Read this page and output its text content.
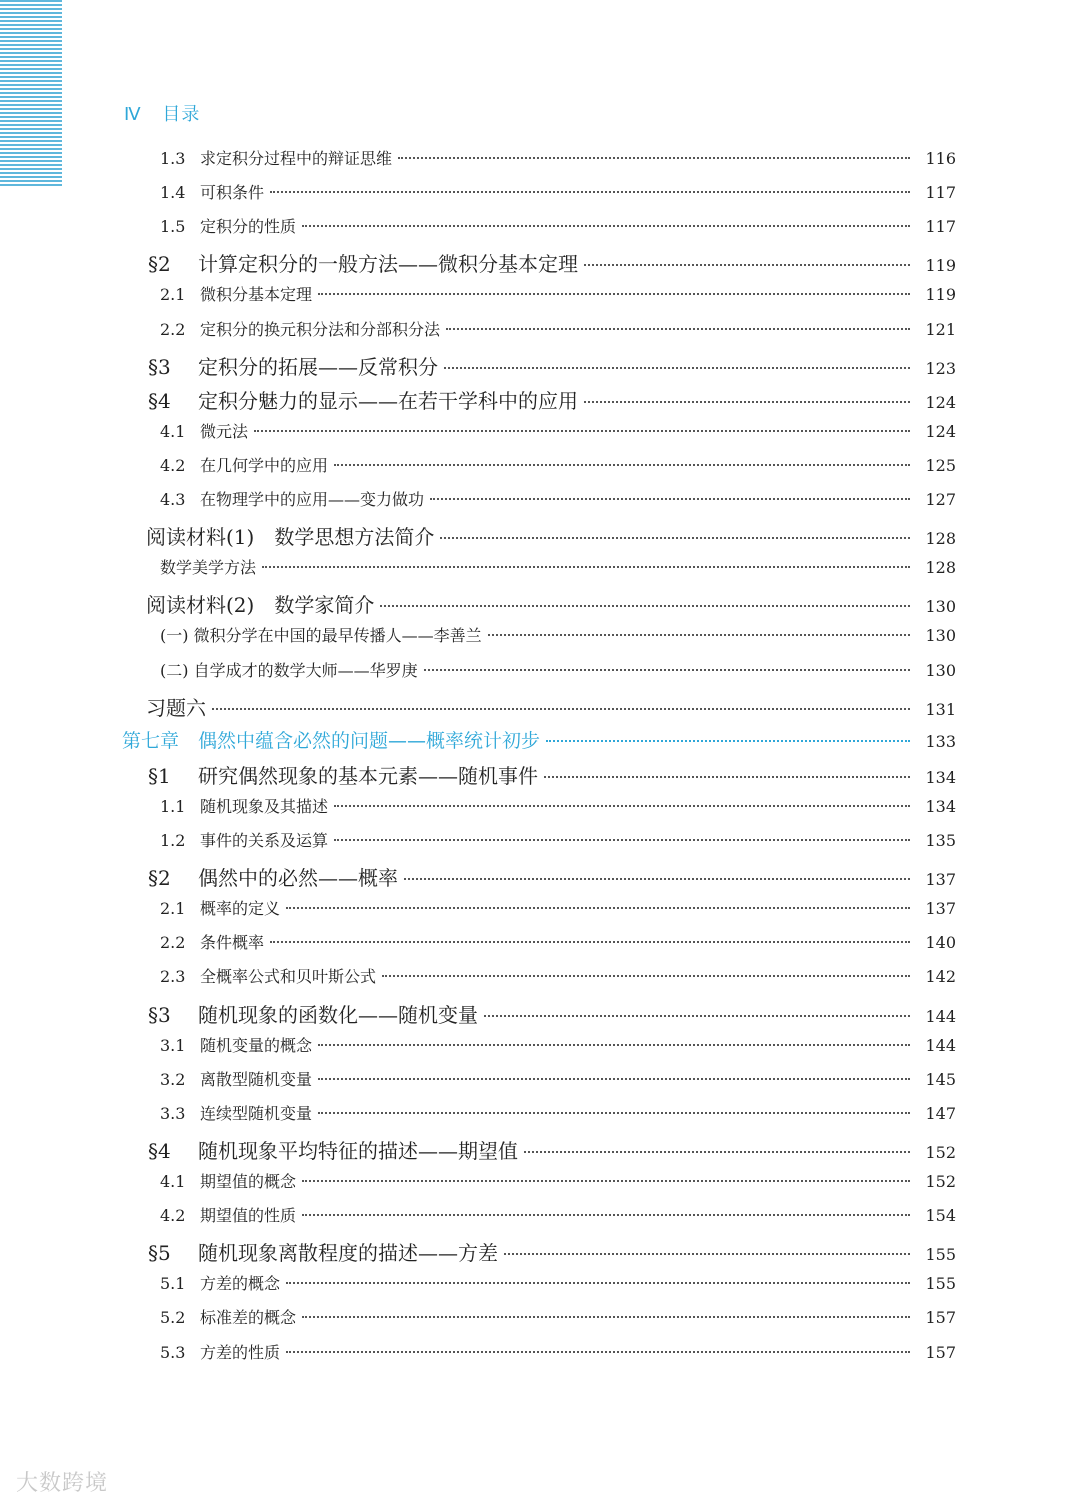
Ⅳ 目录
1.3 求定积分过程中的辩证思维	116
1.4 可积条件	117
1.5 定积分的性质	117
§2	计算定积分的一般方法——微积分基本定理	119
2.1 微积分基本定理	119
2.2 定积分的换元积分法和分部积分法	121
§3	定积分的拓展——反常积分	123
§4	定积分魅力的显示——在若干学科中的应用	124
4.1 微元法	124
4.2 在几何学中的应用	125
4.3 在物理学中的应用——变力做功	127
阅读材料(1)　数学思想方法简介	128
数学美学方法	128
阅读材料(2)　数学家简介	130
(一) 微积分学在中国的最早传播人——李善兰	130
(二) 自学成才的数学大师——华罗庚	130
习题六	131
第七章　偶然中蕴含必然的问题——概率统计初步	133
§1	研究偶然现象的基本元素——随机事件	134
1.1 随机现象及其描述	134
1.2 事件的关系及运算	135
§2	偶然中的必然——概率	137
2.1 概率的定义	137
2.2 条件概率	140
2.3 全概率公式和贝叶斯公式	142
§3	随机现象的函数化——随机变量	144
3.1 随机变量的概念	144
3.2 离散型随机变量	145
3.3 连续型随机变量	147
§4	随机现象平均特征的描述——期望值	152
4.1 期望值的概念	152
4.2 期望值的性质	154
§5	随机现象离散程度的描述——方差	155
5.1 方差的概念	155
5.2 标准差的概念	157
5.3 方差的性质	157
大数跨境
